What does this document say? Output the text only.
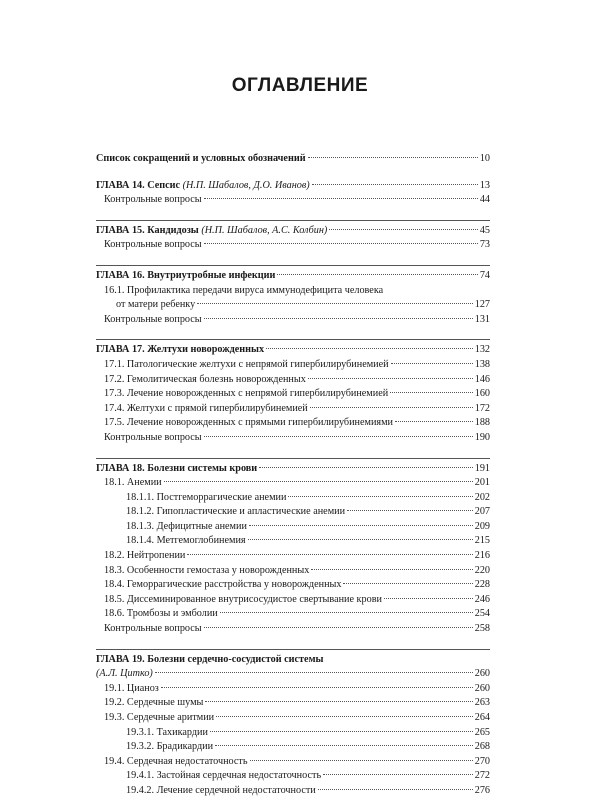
ОГЛАВЛЕНИЕ
Список сокращений и условных обозначений	10
ГЛАВА 14. Сепсис (Н.П. Шабалов, Д.О. Иванов)	13
Контрольные вопросы	44
ГЛАВА 15. Кандидозы (Н.П. Шабалов, А.С. Колбин)	45
Контрольные вопросы	73
ГЛАВА 16. Внутриутробные инфекции	74
16.1. Профилактика передачи вируса иммунодефицита человека
от матери ребенку	127
Контрольные вопросы	131
ГЛАВА 17. Желтухи новорожденных	132
17.1. Патологические желтухи с непрямой гипербилирубинемией	138
17.2. Гемолитическая болезнь новорожденных	146
17.3. Лечение новорожденных с непрямой гипербилирубинемией	160
17.4. Желтухи с прямой гипербилирубинемией	172
17.5. Лечение новорожденных с прямыми гипербилирубинемиями	188
Контрольные вопросы	190
ГЛАВА 18. Болезни системы крови	191
18.1. Анемии	201
18.1.1. Постгеморрагические анемии	202
18.1.2. Гипопластические и апластические анемии	207
18.1.3. Дефицитные анемии	209
18.1.4. Метгемоглобинемия	215
18.2. Нейтропении	216
18.3. Особенности гемостаза у новорожденных	220
18.4. Геморрагические расстройства у новорожденных	228
18.5. Диссеминированное внутрисосудистое свертывание крови	246
18.6. Тромбозы и эмболии	254
Контрольные вопросы	258
ГЛАВА 19. Болезни сердечно-сосудистой системы
(А.Л. Цитко)	260
19.1. Цианоз	260
19.2. Сердечные шумы	263
19.3. Сердечные аритмии	264
19.3.1. Тахикардии	265
19.3.2. Брадикардии	268
19.4. Сердечная недостаточность	270
19.4.1. Застойная сердечная недостаточность	272
19.4.2. Лечение сердечной недостаточности	276
